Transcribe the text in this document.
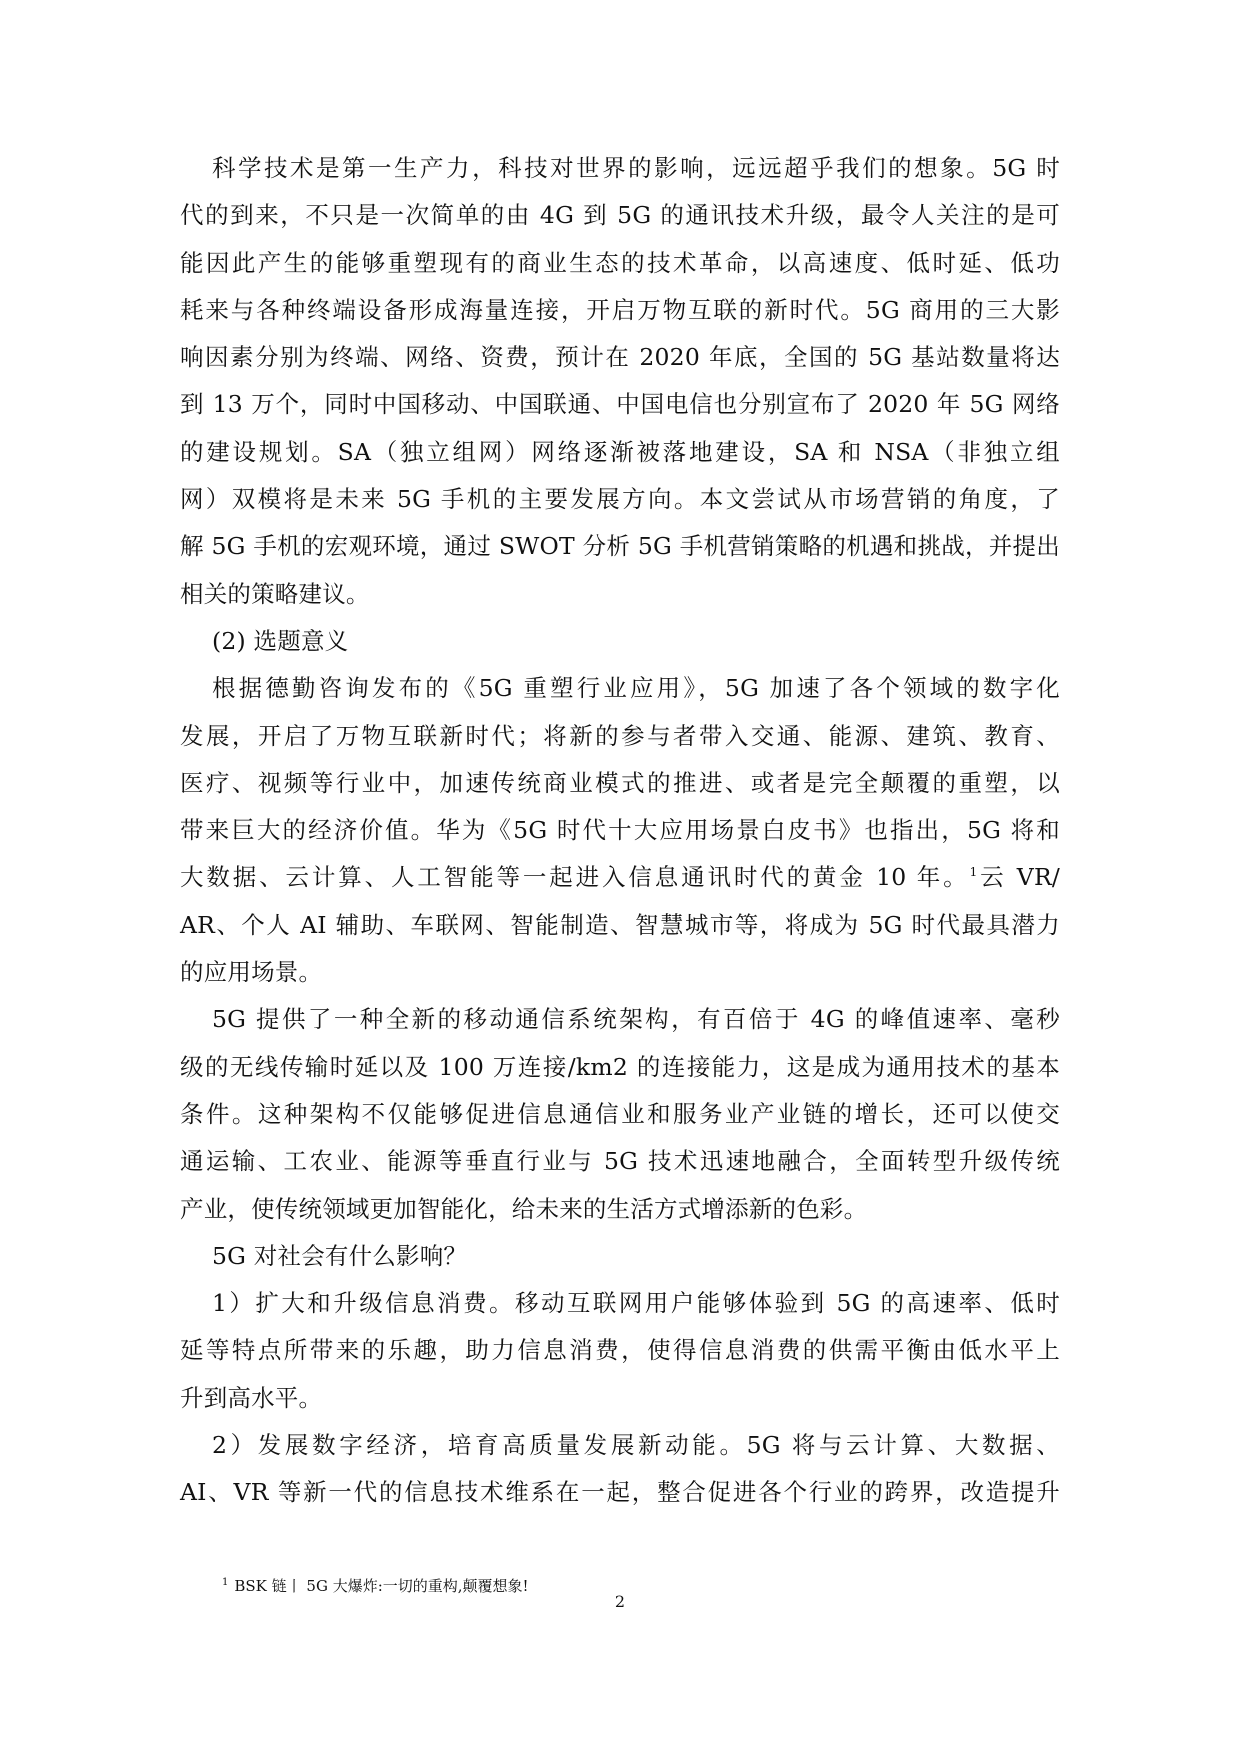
科学技术是第一生产力，科技对世界的影响，远远超乎我们的想象。5G 时
代的到来，不只是一次简单的由 4G 到 5G 的通讯技术升级，最令人关注的是可
能因此产生的能够重塑现有的商业生态的技术革命，以高速度、低时延、低功
耗来与各种终端设备形成海量连接，开启万物互联的新时代。5G 商用的三大影
响因素分别为终端、网络、资费，预计在 2020 年底，全国的 5G 基站数量将达
到 13 万个，同时中国移动、中国联通、中国电信也分别宣布了 2020 年 5G 网络
的建设规划。SA（独立组网）网络逐渐被落地建设，SA 和 NSA（非独立组
网）双模将是未来 5G 手机的主要发展方向。本文尝试从市场营销的角度，了
解 5G 手机的宏观环境，通过 SWOT 分析 5G 手机营销策略的机遇和挑战，并提出
相关的策略建议。
(2) 选题意义
根据德勤咨询发布的《5G 重塑行业应用》，5G 加速了各个领域的数字化
发展，开启了万物互联新时代；将新的参与者带入交通、能源、建筑、教育、
医疗、视频等行业中，加速传统商业模式的推进、或者是完全颠覆的重塑，以
带来巨大的经济价值。华为《5G 时代十大应用场景白皮书》也指出，5G 将和
大数据、云计算、人工智能等一起进入信息通讯时代的黄金 10 年。$^1$云 VR/
AR、个人 AI 辅助、车联网、智能制造、智慧城市等，将成为 5G 时代最具潜力
的应用场景。
5G 提供了一种全新的移动通信系统架构，有百倍于 4G 的峰值速率、毫秒
级的无线传输时延以及 100 万连接/km2 的连接能力，这是成为通用技术的基本
条件。这种架构不仅能够促进信息通信业和服务业产业链的增长，还可以使交
通运输、工农业、能源等垂直行业与 5G 技术迅速地融合，全面转型升级传统
产业，使传统领域更加智能化，给未来的生活方式增添新的色彩。
5G 对社会有什么影响？
1）扩大和升级信息消费。移动互联网用户能够体验到 5G 的高速率、低时
延等特点所带来的乐趣，助力信息消费，使得信息消费的供需平衡由低水平上
升到高水平。
2）发展数字经济，培育高质量发展新动能。5G 将与云计算、大数据、
AI、VR 等新一代的信息技术维系在一起，整合促进各个行业的跨界，改造提升
$^1$ BSK 链丨 5G 大爆炸:一切的重构,颠覆想象!
2
